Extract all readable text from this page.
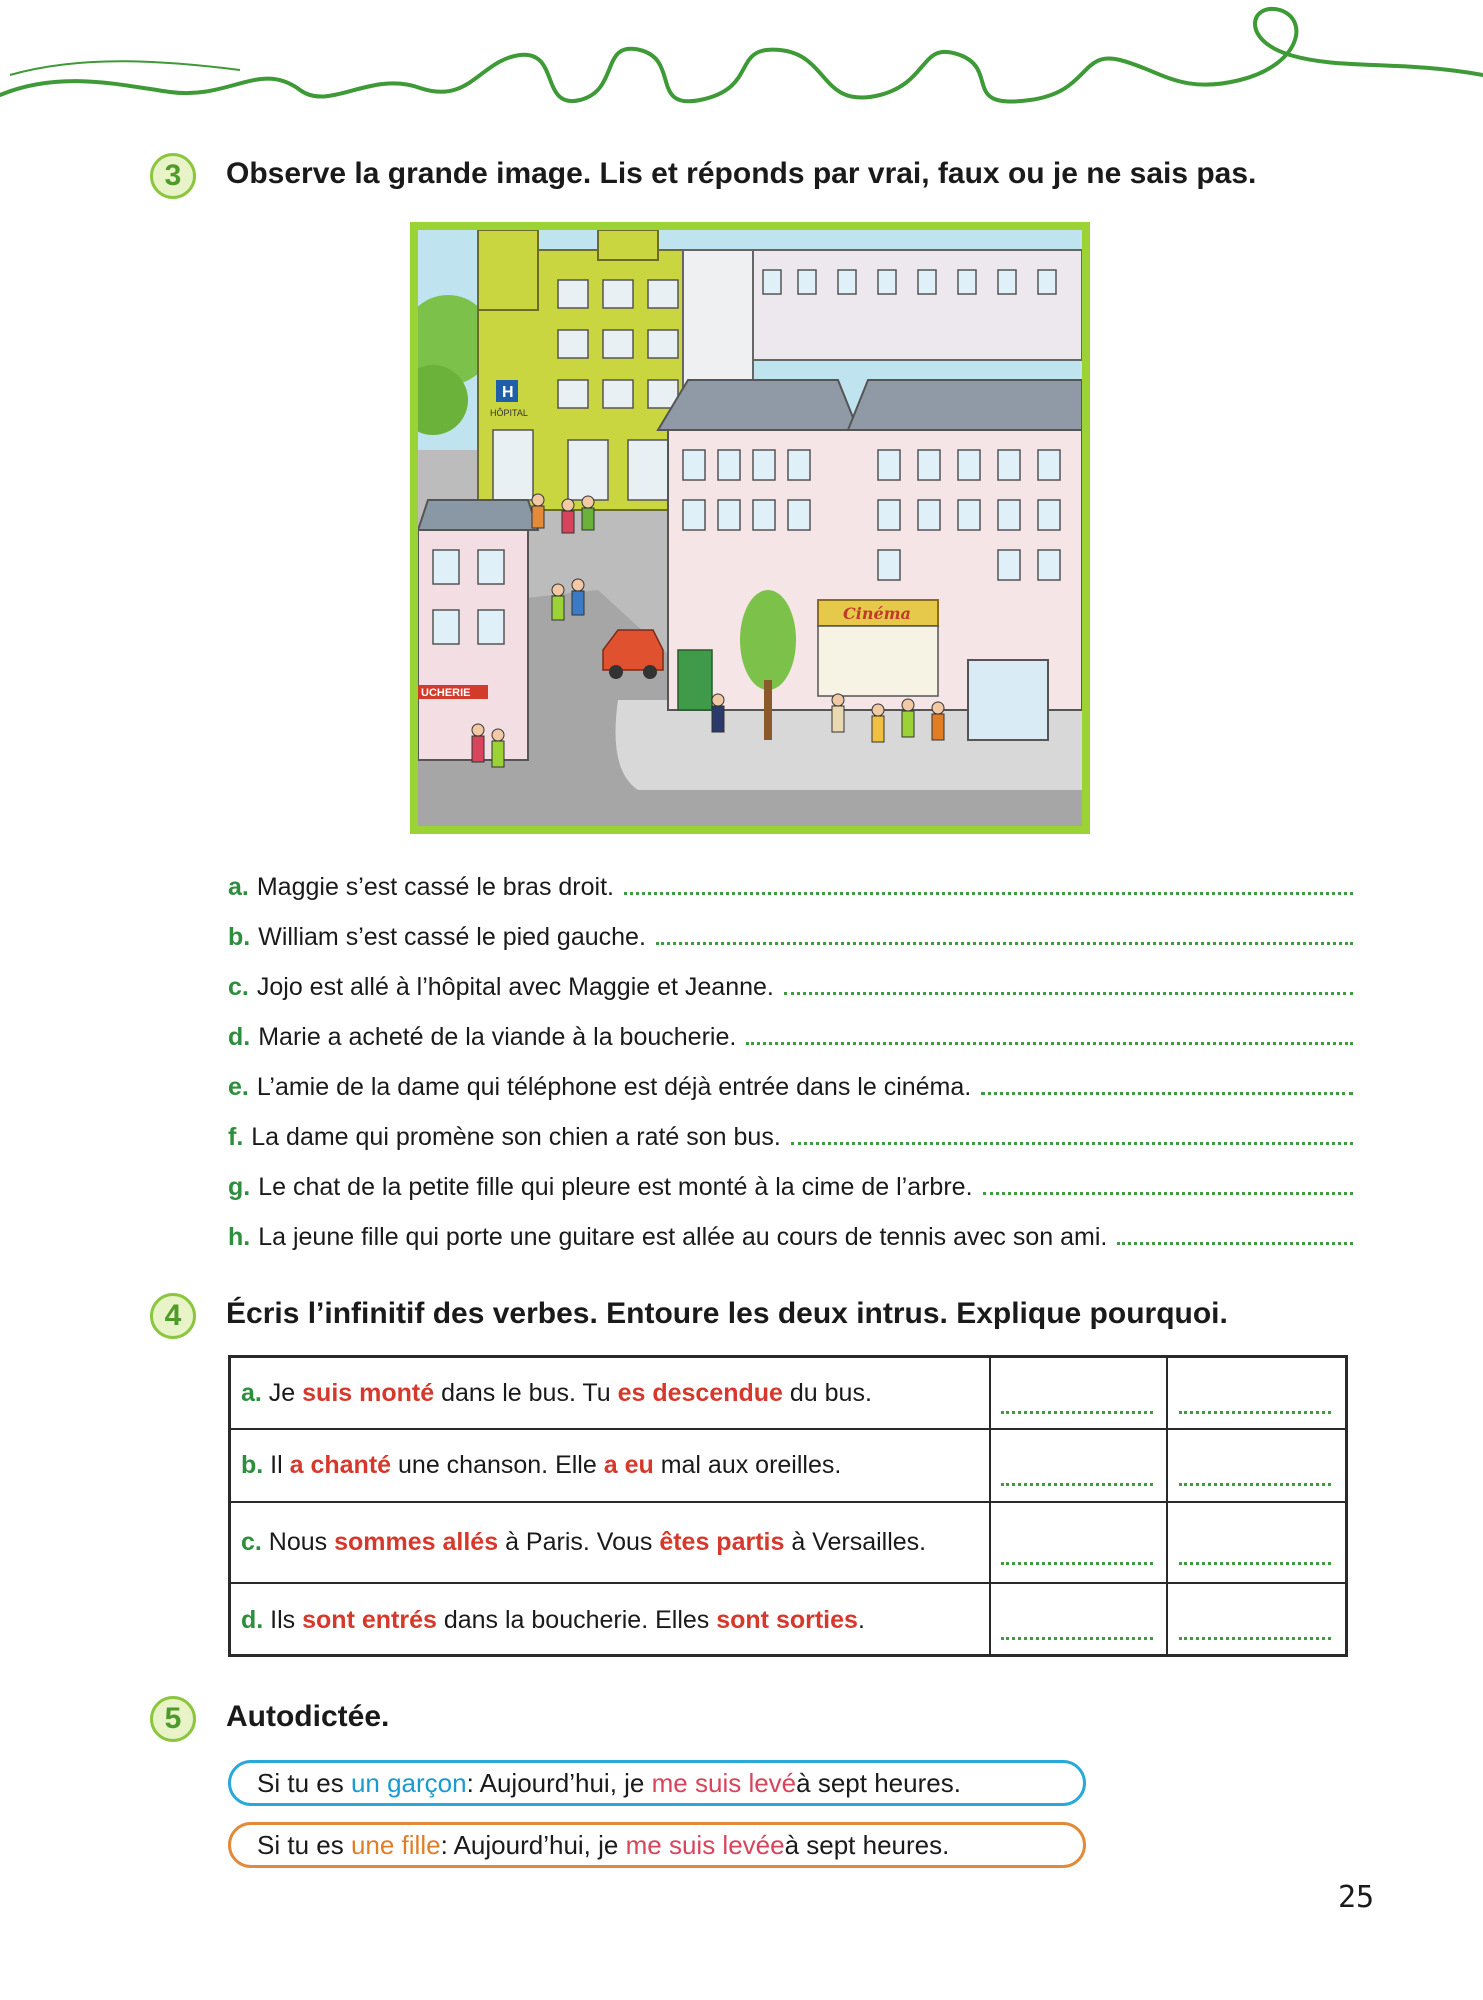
3	Observe la grande image. Lis et réponds par vrai, faux ou je ne sais pas.
H
HÔPITAL
UCHERIE
Cinéma
a. Maggie s’est cassé le bras droit.
b. William s’est cassé le pied gauche.
c. Jojo est allé à l’hôpital avec Maggie et Jeanne.
d. Marie a acheté de la viande à la boucherie.
e. L’amie de la dame qui téléphone est déjà entrée dans le cinéma.
f. La dame qui promène son chien a raté son bus.
g. Le chat de la petite fille qui pleure est monté à la cime de l’arbre.
h. La jeune fille qui porte une guitare est allée au cours de tennis avec son ami.
4	Écris l’infinitif des verbes. Entoure les deux intrus. Explique pourquoi.
a. Je suis monté dans le bus. Tu es descendue du bus.
b. Il a chanté une chanson. Elle a eu mal aux oreilles.
c. Nous sommes allés à Paris. Vous êtes partis à Versailles.
d. Ils sont entrés dans la boucherie. Elles sont sorties.
5	Autodictée.
Si tu es
un garçon : Aujourd’hui, je
me suis levé à sept heures.
Si tu es
une fille : Aujourd’hui, je
me suis levée à sept heures.
25
